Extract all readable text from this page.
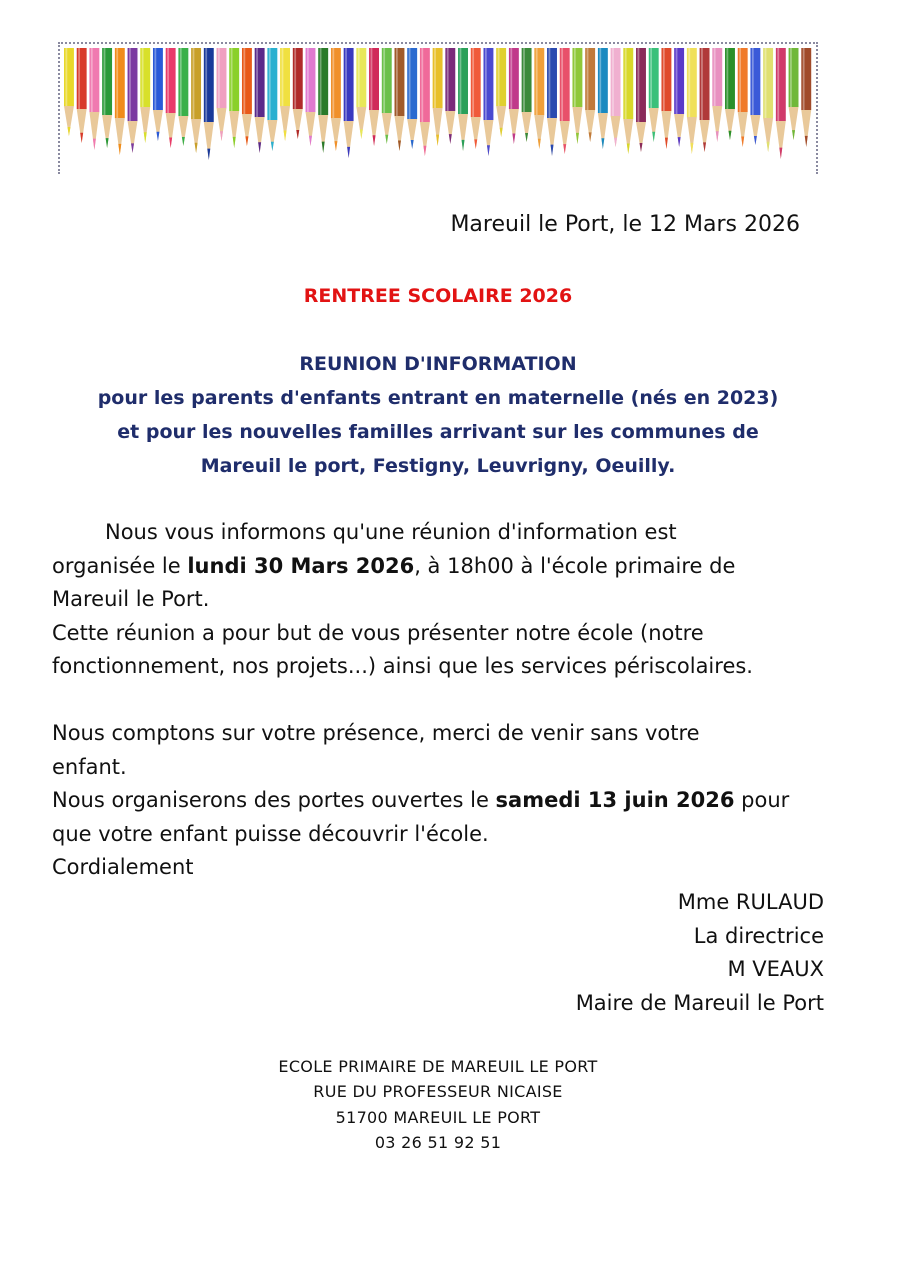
Mareuil le Port, le 12 Mars 2026
RENTREE SCOLAIRE 2026
REUNION D'INFORMATION
pour les parents d'enfants entrant en maternelle (nés en 2023)
et pour les nouvelles familles arrivant sur les communes de
Mareuil le port, Festigny, Leuvrigny, Oeuilly.

Nous vous informons qu'une réunion d'information est

organisée le lundi 30 Mars 2026, à 18h00 à l'école primaire de

Mareuil le Port.

Cette réunion a pour but de vous présenter notre école (notre

fonctionnement, nos projets...) ainsi que les services périscolaires.

Nous comptons sur votre présence, merci de venir sans votre

enfant.

Nous organiserons des portes ouvertes le samedi 13 juin 2026 pour

que votre enfant puisse découvrir l'école.

Cordialement

Mme RULAUD
La directrice
M VEAUX
Maire de Mareuil le Port
ECOLE PRIMAIRE DE MAREUIL LE PORT
RUE DU PROFESSEUR NICAISE
51700 MAREUIL LE PORT
03 26 51 92 51
